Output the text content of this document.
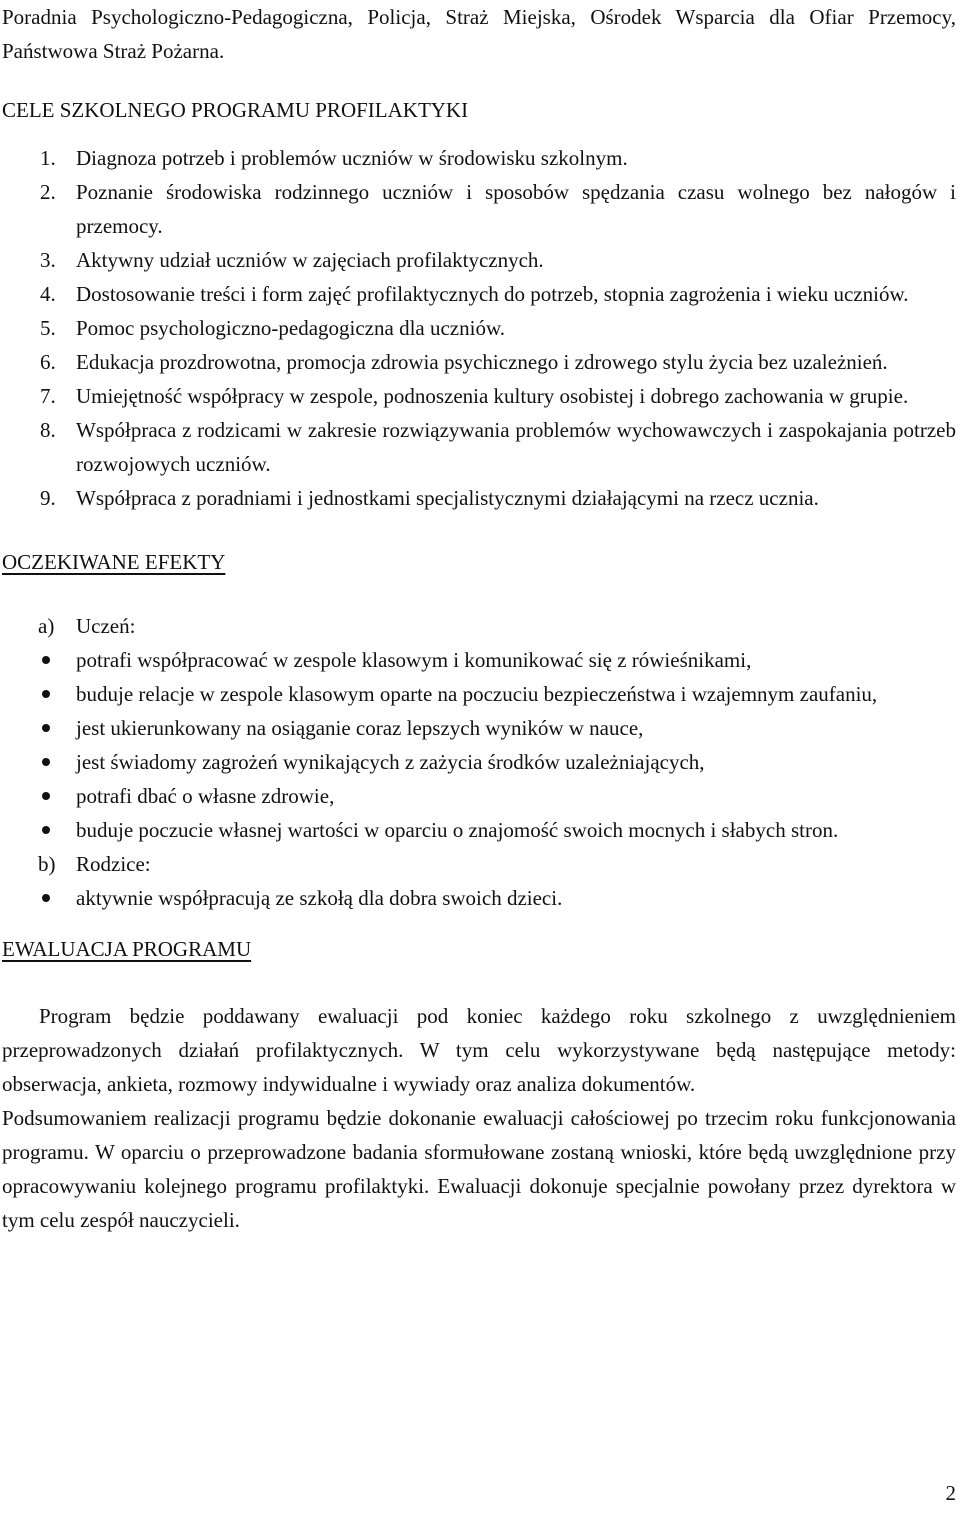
Poradnia Psychologiczno-Pedagogiczna, Policja, Straż Miejska, Ośrodek Wsparcia dla Ofiar Przemocy, Państwowa Straż Pożarna.

CELE SZKOLNEGO PROGRAMU PROFILAKTYKI

1. Diagnoza potrzeb i problemów uczniów w środowisku szkolnym.
2. Poznanie środowiska rodzinnego uczniów i sposobów spędzania czasu wolnego bez nałogów i przemocy.
3. Aktywny udział uczniów w zajęciach profilaktycznych.
4. Dostosowanie treści i form zajęć profilaktycznych do potrzeb, stopnia zagrożenia i wieku uczniów.
5. Pomoc psychologiczno-pedagogiczna dla uczniów.
6. Edukacja prozdrowotna, promocja zdrowia psychicznego i zdrowego stylu życia bez uzależnień.
7. Umiejętność współpracy w zespole, podnoszenia kultury osobistej i dobrego zachowania w grupie.
8. Współpraca z rodzicami w zakresie rozwiązywania problemów wychowawczych i zaspokajania potrzeb rozwojowych uczniów.
9. Współpraca z poradniami i jednostkami specjalistycznymi działającymi na rzecz ucznia.

OCZEKIWANE EFEKTY

a)	Uczeń:
potrafi współpracować w zespole klasowym i komunikować się z rówieśnikami,
buduje relacje w zespole klasowym oparte na poczuciu bezpieczeństwa i wzajemnym zaufaniu,
jest ukierunkowany na osiąganie coraz lepszych wyników w nauce,
jest świadomy zagrożeń wynikających z zażycia środków uzależniających,
potrafi dbać o własne zdrowie,
buduje poczucie własnej wartości w oparciu o znajomość swoich mocnych i słabych stron.
b) Rodzice:
aktywnie współpracują ze szkołą dla dobra swoich dzieci.

EWALUACJA PROGRAMU

Program będzie poddawany ewaluacji pod koniec każdego roku szkolnego z uwzględnieniem przeprowadzonych działań profilaktycznych. W tym celu wykorzystywane będą następujące metody: obserwacja, ankieta, rozmowy indywidualne i wywiady oraz analiza dokumentów.

Podsumowaniem realizacji programu będzie dokonanie ewaluacji całościowej po trzecim roku funkcjonowania programu. W oparciu o przeprowadzone badania sformułowane zostaną wnioski, które będą uwzględnione przy opracowywaniu kolejnego programu profilaktyki. Ewaluacji dokonuje specjalnie powołany przez dyrektora w tym celu zespół nauczycieli.

2
